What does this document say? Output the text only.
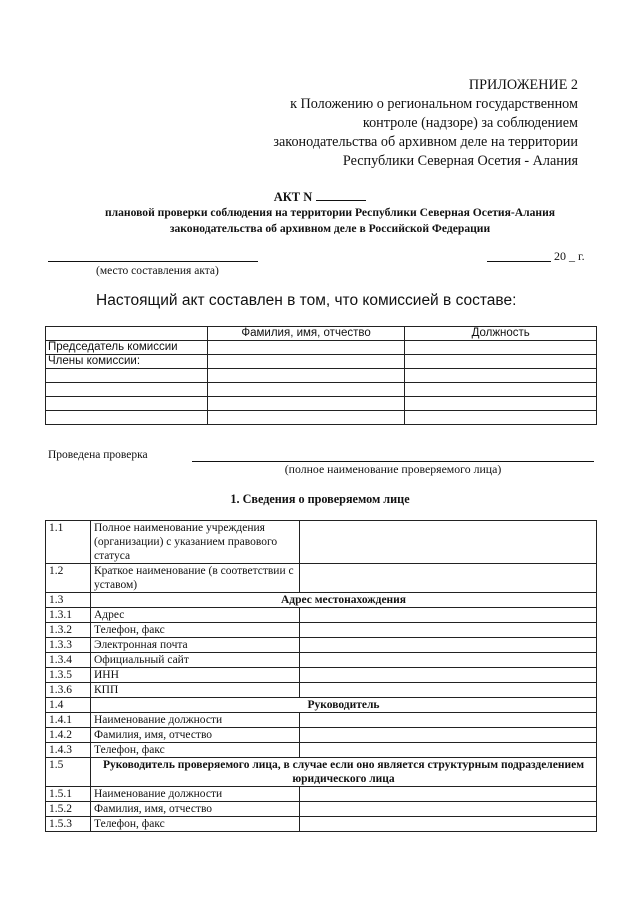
ПРИЛОЖЕНИЕ 2
к Положению о региональном государственном
контроле (надзоре) за соблюдением
законодательства об архивном деле на территории
Республики Северная Осетия - Алания
АКТ N
плановой проверки соблюдения на территории Республики Северная Осетия-Алания
законодательства об архивном деле в Российской Федерации
(место составления акта)
20 _ г.
Настоящий акт составлен в том, что комиссией в составе:
	Фамилия, имя, отчество	Должность
Председатель комиссии		
Члены комиссии:		

Проведена проверка
(полное наименование проверяемого лица)
1. Сведения о проверяемом лице
1.1	Полное наименование учреждения (организации) с указанием правового статуса	
1.2	Краткое наименование (в соответствии с уставом)	
1.3	Адрес местонахождения	
1.3.1	Адрес	
1.3.2	Телефон, факс	
1.3.3	Электронная почта	
1.3.4	Официальный сайт	
1.3.5	ИНН	
1.3.6	КПП	
1.4	Руководитель	
1.4.1	Наименование должности	
1.4.2	Фамилия, имя, отчество	
1.4.3	Телефон, факс	
1.5	Руководитель проверяемого лица, в случае если оно является структурным подразделением юридического лица	
1.5.1	Наименование должности	
1.5.2	Фамилия, имя, отчество	
1.5.3	Телефон, факс	
